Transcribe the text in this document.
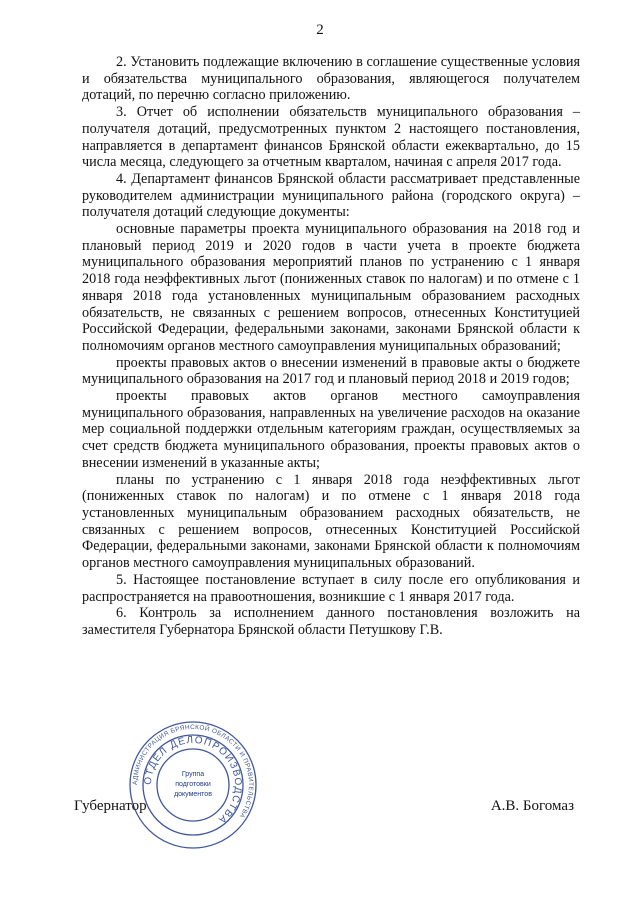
2

2. Установить подлежащие включению в соглашение существенные условия и обязательства муниципального образования, являющегося получателем дотаций, по перечню согласно приложению.

3. Отчет об исполнении обязательств муниципального образования – получателя дотаций, предусмотренных пунктом 2 настоящего постановления, направляется в департамент финансов Брянской области ежеквартально, до 15 числа месяца, следующего за отчетным кварталом, начиная с апреля 2017 года.

4. Департамент финансов Брянской области рассматривает представленные руководителем администрации муниципального района (городского округа) – получателя дотаций следующие документы:

основные параметры проекта муниципального образования на 2018 год и плановый период 2019 и 2020 годов в части учета в проекте бюджета муниципального образования мероприятий планов по устранению с 1 января 2018 года неэффективных льгот (пониженных ставок по налогам) и по отмене с 1 января 2018 года установленных муниципальным образованием расходных обязательств, не связанных с решением вопросов, отнесенных Конституцией Российской Федерации, федеральными законами, законами Брянской области к полномочиям органов местного самоуправления муниципальных образований;

проекты правовых актов о внесении изменений в правовые акты о бюджете муниципального образования на 2017 год и плановый период 2018 и 2019 годов;

проекты правовых актов органов местного самоуправления муниципального образования, направленных на увеличение расходов на оказание мер социальной поддержки отдельным категориям граждан, осуществляемых за счет средств бюджета муниципального образования, проекты правовых актов о внесении изменений в указанные акты;

планы по устранению с 1 января 2018 года неэффективных льгот (пониженных ставок по налогам) и по отмене с 1 января 2018 года установленных муниципальным образованием расходных обязательств, не связанных с решением вопросов, отнесенных Конституцией Российской Федерации, федеральными законами, законами Брянской области к полномочиям органов местного самоуправления муниципальных образований.

5. Настоящее постановление вступает в силу после его опубликования и распространяется на правоотношения, возникшие с 1 января 2017 года.

6. Контроль за исполнением данного постановления возложить на заместителя Губернатора Брянской области Петушкову Г.В.

АДМИНИСТРАЦИЯ БРЯНСКОЙ ОБЛАСТИ И ПРАВИТЕЛЬСТВА
ОТДЕЛ ДЕЛОПРОИЗВОДСТВА
Группа
подготовки
документов
Губернатор	А.В. Богомаз
